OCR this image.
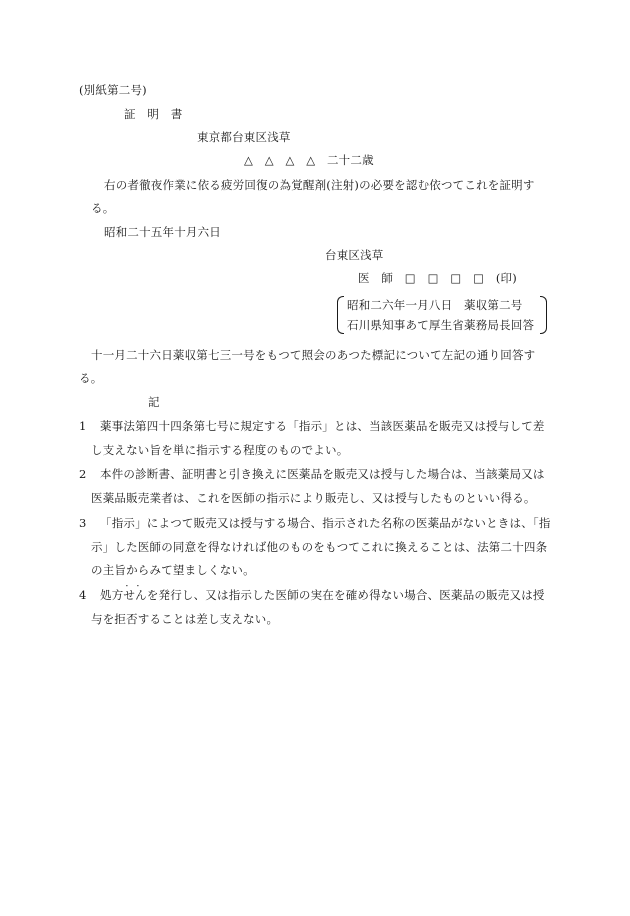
(別紙第二号)
証　明　書
東京都台東区浅草
△　△　△　△　二十二歳
右の者徹夜作業に依る疲労回復の為覚醒剤(注射)の必要を認む依つてこれを証明す
る。
昭和二十五年十月六日
台東区浅草
医　師　□　□　□　□　(印)
昭和二六年一月八日　薬収第二号
石川県知事あて厚生省薬務局長回答
十一月二十六日薬収第七三一号をもつて照会のあつた標記について左記の通り回答す
る。
記
1 薬事法第四十四条第七号に規定する「指示」とは、当該医薬品を販売又は授与して差
し支えない旨を単に指示する程度のものでよい。
2 本件の診断書、証明書と引き換えに医薬品を販売又は授与した場合は、当該薬局又は
医薬品販売業者は、これを医師の指示により販売し、又は授与したものといい得る。
3 「指示」によつて販売又は授与する場合、指示された名称の医薬品がないときは、「指
示」した医師の同意を得なければ他のものをもつてこれに換えることは、法第二十四条
の主旨からみて望ましくない。
4 処方・・ せんを発行し、又は指示した医師の実在を確め得ない場合、医薬品の販売又は授
与を拒否することは差し支えない。
